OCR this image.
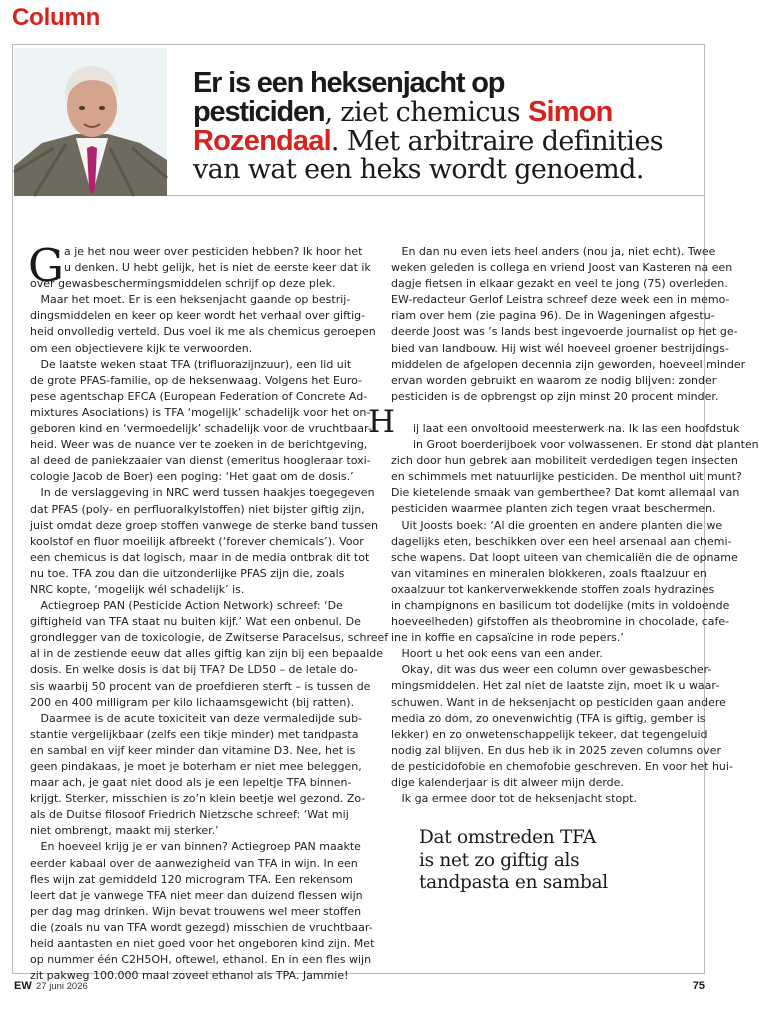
Column
Er is een heksenjacht op
pesticiden, ziet chemicus Simon
Rozendaal. Met arbitraire definities
van wat een heks wordt genoemd.
G a je het nou weer over pesticiden hebben? Ik hoor het
u denken. U hebt gelijk, het is niet de eerste keer dat ik
over gewasbeschermingsmiddelen schrijf op deze plek.
Maar het moet. Er is een heksenjacht gaande op bestrij-
dingsmiddelen en keer op keer wordt het verhaal over giftig-
heid onvolledig verteld. Dus voel ik me als chemicus geroepen
om een objectievere kijk te verwoorden.
De laatste weken staat TFA (trifluorazijnzuur), een lid uit
de grote PFAS-familie, op de heksenwaag. Volgens het Euro-
pese agentschap EFCA (European Federation of Concrete Ad-
mixtures Asociations) is TFA ‘mogelijk’ schadelijk voor het on-
geboren kind en ‘vermoedelijk’ schadelijk voor de vruchtbaar-
heid. Weer was de nuance ver te zoeken in de berichtgeving,
al deed de paniekzaaier van dienst (emeritus hoogleraar toxi-
cologie Jacob de Boer) een poging: ‘Het gaat om de dosis.’
In de verslaggeving in NRC werd tussen haakjes toegegeven
dat PFAS (poly- en perfluoralkylstoffen) niet bijster giftig zijn,
juist omdat deze groep stoffen vanwege de sterke band tussen
koolstof en fluor moeilijk afbreekt (‘forever chemicals’). Voor
een chemicus is dat logisch, maar in de media ontbrak dit tot
nu toe. TFA zou dan die uitzonderlijke PFAS zijn die, zoals
NRC kopte, ‘mogelijk wél schadelijk’ is.
Actiegroep PAN (Pesticide Action Network) schreef: ‘De
giftigheid van TFA staat nu buiten kijf.’ Wat een onbenul. De
grondlegger van de toxicologie, de Zwitserse Paracelsus, schreef
al in de zestiende eeuw dat alles giftig kan zijn bij een bepaalde
dosis. En welke dosis is dat bij TFA? De LD50 – de letale do-
sis waarbij 50 procent van de proefdieren sterft – is tussen de
200 en 400 milligram per kilo lichaamsgewicht (bij ratten).
Daarmee is de acute toxiciteit van deze vermaledijde sub-
stantie vergelijkbaar (zelfs een tikje minder) met tandpasta
en sambal en vijf keer minder dan vitamine D3. Nee, het is
geen pindakaas, je moet je boterham er niet mee beleggen,
maar ach, je gaat niet dood als je een lepeltje TFA binnen-
krijgt. Sterker, misschien is zo’n klein beetje wel gezond. Zo-
als de Duitse filosoof Friedrich Nietzsche schreef: ‘Wat mij
niet ombrengt, maakt mij sterker.’
En hoeveel krijg je er van binnen? Actiegroep PAN maakte
eerder kabaal over de aanwezigheid van TFA in wijn. In een
fles wijn zat gemiddeld 120 microgram TFA. Een rekensom
leert dat je vanwege TFA niet meer dan duizend flessen wijn
per dag mag drinken. Wijn bevat trouwens wel meer stoffen
die (zoals nu van TFA wordt gezegd) misschien de vruchtbaar-
heid aantasten en niet goed voor het ongeboren kind zijn. Met
op nummer één C2H5OH, oftewel, ethanol. En in een fles wijn
zit pakweg 100.000 maal zoveel ethanol als TPA. Jammie!
En dan nu even iets heel anders (nou ja, niet echt). Twee
weken geleden is collega en vriend Joost van Kasteren na een
dagje fietsen in elkaar gezakt en veel te jong (75) overleden.
EW-redacteur Gerlof Leistra schreef deze week een in memo-
riam over hem (zie pagina 96). De in Wageningen afgestu-
deerde Joost was ’s lands best ingevoerde journalist op het ge-
bied van landbouw. Hij wist wél hoeveel groener bestrijdings-
middelen de afgelopen decennia zijn geworden, hoeveel minder
ervan worden gebruikt en waarom ze nodig blijven: zonder
pesticiden is de opbrengst op zijn minst 20 procent minder.
ij laat een onvoltooid meesterwerk na. Ik las een hoofdstuk
in Groot boerderijboek voor volwassenen. Er stond dat planten
zich door hun gebrek aan mobiliteit verdedigen tegen insecten
en schimmels met natuurlijke pesticiden. De menthol uit munt?
Die kietelende smaak van gemberthee? Dat komt allemaal van
pesticiden waarmee planten zich tegen vraat beschermen.
Uit Joosts boek: ‘Al die groenten en andere planten die we
dagelijks eten, beschikken over een heel arsenaal aan chemi-
sche wapens. Dat loopt uiteen van chemicaliën die de opname
van vitamines en mineralen blokkeren, zoals ftaalzuur en
oxaalzuur tot kankerverwekkende stoffen zoals hydrazines
in champignons en basilicum tot dodelijke (mits in voldoende
hoeveelheden) gifstoffen als theobromine in chocolade, cafe-
ine in koffie en capsaïcine in rode pepers.’
Hoort u het ook eens van een ander.
Okay, dit was dus weer een column over gewasbescher-
mingsmiddelen. Het zal niet de laatste zijn, moet ik u waar-
schuwen. Want in de heksenjacht op pesticiden gaan andere
media zo dom, zo onevenwichtig (TFA is giftig, gember is
lekker) en zo onwetenschappelijk tekeer, dat tegengeluid
nodig zal blijven. En dus heb ik in 2025 zeven columns over
de pesticidofobie en chemofobie geschreven. En voor het hui-
dige kalenderjaar is dit alweer mijn derde.
Ik ga ermee door tot de heksenjacht stopt.
H
Dat omstreden TFA
is net zo giftig als
tandpasta en sambal
EW 27 juni 2026	75
